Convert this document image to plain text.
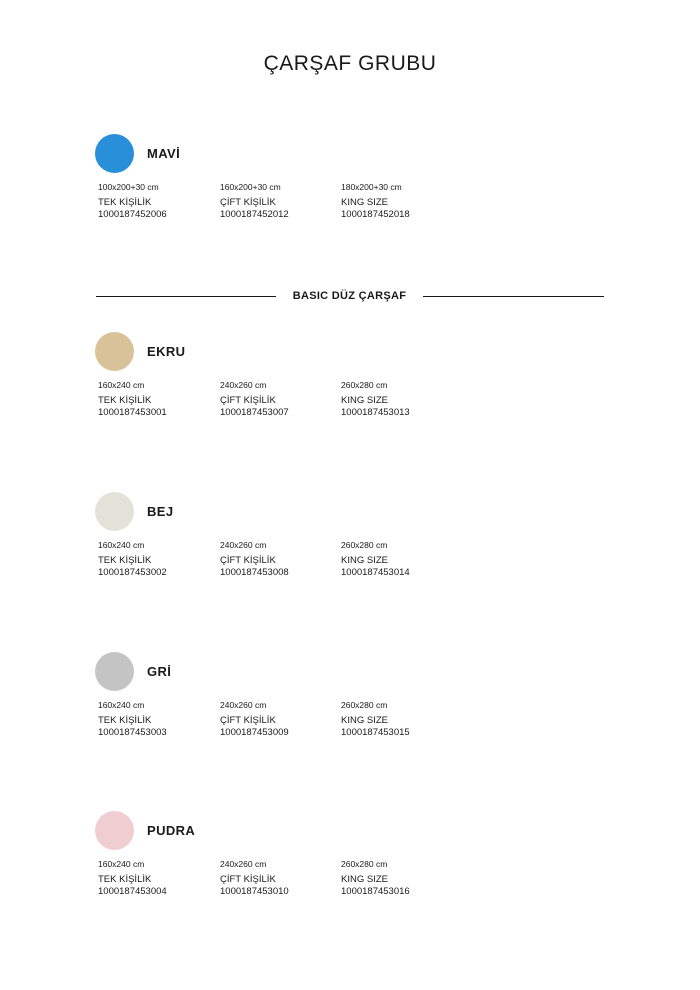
ÇARŞAF GRUBU
MAVİ
100x200+30 cm
TEK KİŞİLİK
1000187452006
160x200+30 cm
ÇİFT KİŞİLİK
1000187452012
180x200+30 cm
KING SIZE
1000187452018
BASIC DÜZ ÇARŞAF
EKRU
160x240 cm
TEK KİŞİLİK
1000187453001
240x260 cm
ÇİFT KİŞİLİK
1000187453007
260x280 cm
KING SIZE
1000187453013
BEJ
160x240 cm
TEK KİŞİLİK
1000187453002
240x260 cm
ÇİFT KİŞİLİK
1000187453008
260x280 cm
KING SIZE
1000187453014
GRİ
160x240 cm
TEK KİŞİLİK
1000187453003
240x260 cm
ÇİFT KİŞİLİK
1000187453009
260x280 cm
KING SIZE
1000187453015
PUDRA
160x240 cm
TEK KİŞİLİK
1000187453004
240x260 cm
ÇİFT KİŞİLİK
1000187453010
260x280 cm
KING SIZE
1000187453016
